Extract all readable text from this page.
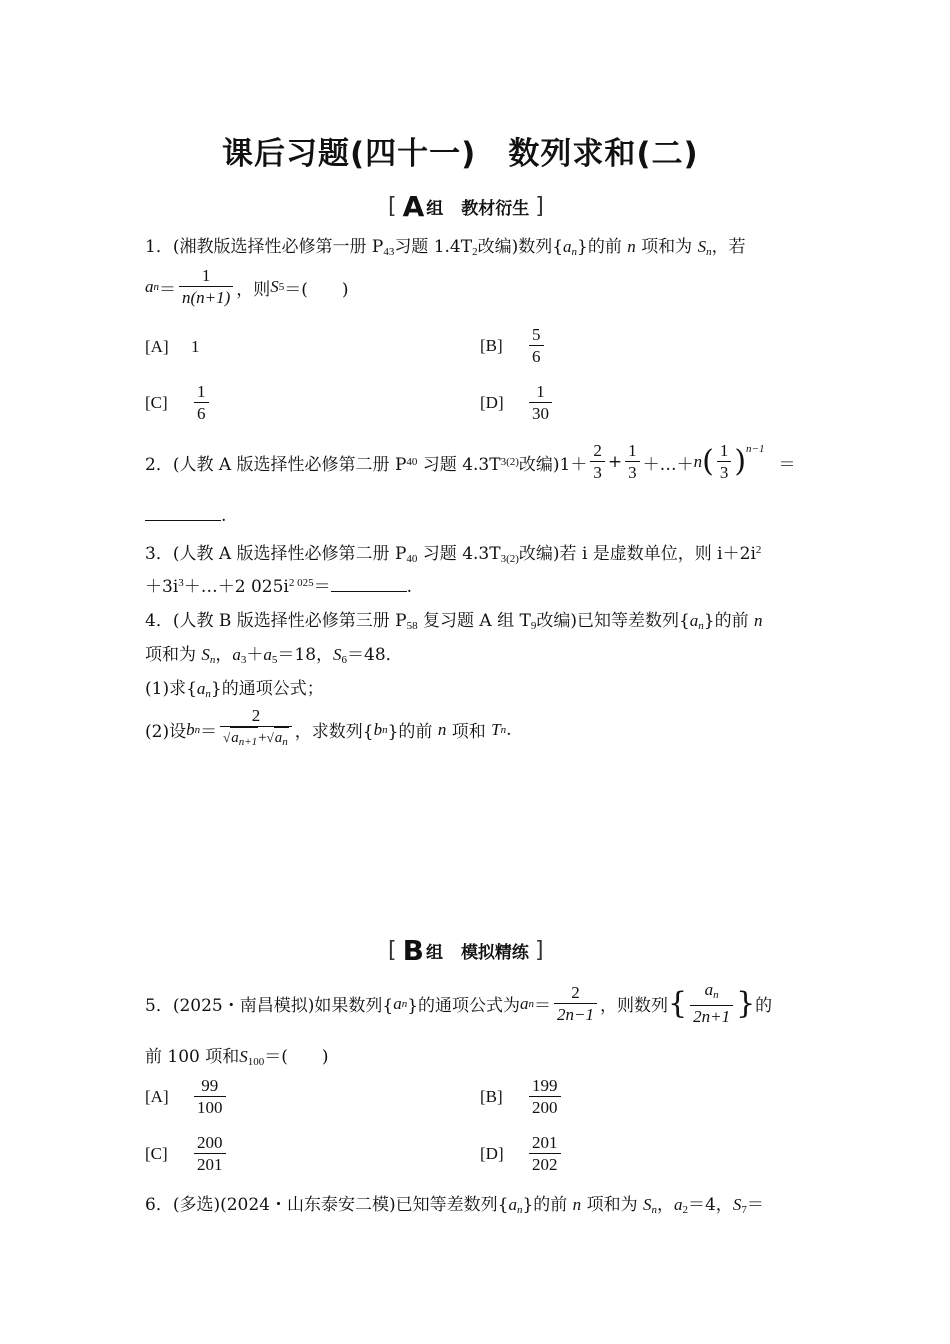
课后习题(四十一)　数列求和(二)
[ A 组 教材衍生 ]
1．(湘教版选择性必修第一册 $P_{43}$习题 $1.4T_2$改编)数列$\{a_n\}$的前 n 项和为 $S_n$，若
a $n = \frac{1}{n(n+1)}$ ，则 S 5 ＝(　　)
[A]	1	[B]	$\frac{5}{6}$
[C]	$\frac{1}{6}$	[D]	$\frac{1}{30}$
2． (人教 A 版选择性必修第二册 P 40
习题 4.3T 3(2) 改编)$1+ \frac{2}{3} + \frac{1}{3}$ ＋…＋ n ( $\frac{1}{3} )^{n-1}$
＝
.
3．(人教 A 版选择性必修第二册 $P_{40}$ 习题 $4.3T_{3(2)}$改编)若 i 是虚数单位，则 $i+2i^2$
$+3i^3+\dots+2$ $025i^{2 025}=$	.
4．(人教 B 版选择性必修第三册 $P_{58}$ 复习题 A 组 $T_9$改编)已知等差数列$\{a_n\}$的前 n
项和为 $S_n$，$a_3+a_5=18$，$S_6=48$．
(1)求$\{a_n\}$的通项公式；
(2)设 b $n = \frac{2}{√a_{n+1}+√a_n}$ ，求数列{ b n }的前
n
项和
T n .
[ B 组 模拟精练 ]
5． (2025・南昌模拟)如果数列{ a n }的通项公式为 a $n = \frac{2}{2n-1}$ ，则数列 { $\frac{a_n}{2n+1}$ } 的
前 100 项和$S_{100}=$(　　)
[A]	$\frac{99}{100}$	[B]	$\frac{199}{200}$
[C]	$\frac{200}{201}$	[D]	$\frac{201}{202}$
6．(多选)(2024・山东泰安二模)已知等差数列$\{a_n\}$的前 n 项和为 $S_n$，$a_2=4$，$S_7=$
